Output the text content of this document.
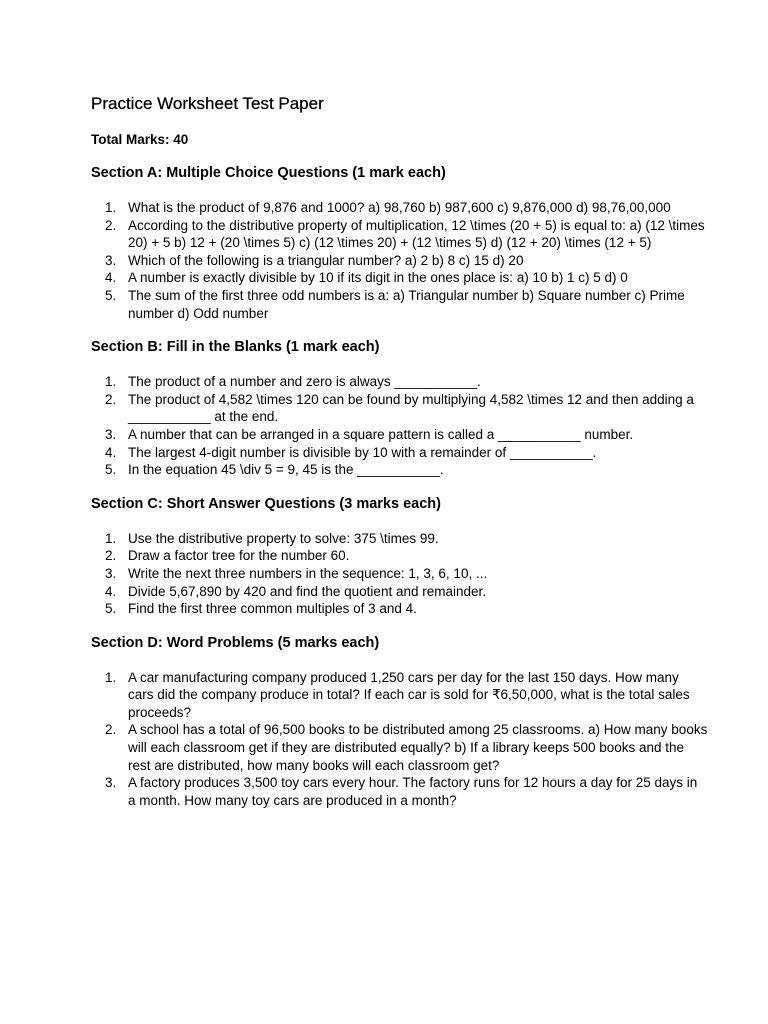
Practice Worksheet Test Paper
Total Marks: 40
Section A: Multiple Choice Questions (1 mark each)
1. What is the product of 9,876 and 1000? a) 98,760 b) 987,600 c) 9,876,000 d) 98,76,00,000
2. According to the distributive property of multiplication, 12 \times (20 + 5) is equal to: a) (12 \times 20) + 5 b) 12 + (20 \times 5) c) (12 \times 20) + (12 \times 5) d) (12 + 20) \times (12 + 5)
3. Which of the following is a triangular number? a) 2 b) 8 c) 15 d) 20
4. A number is exactly divisible by 10 if its digit in the ones place is: a) 10 b) 1 c) 5 d) 0
5. The sum of the first three odd numbers is a: a) Triangular number b) Square number c) Prime number d) Odd number
Section B: Fill in the Blanks (1 mark each)
1. The product of a number and zero is always ___________.
2. The product of 4,582 \times 120 can be found by multiplying 4,582 \times 12 and then adding a ___________ at the end.
3. A number that can be arranged in a square pattern is called a ___________ number.
4. The largest 4-digit number is divisible by 10 with a remainder of ___________.
5. In the equation 45 \div 5 = 9, 45 is the ___________.
Section C: Short Answer Questions (3 marks each)
1. Use the distributive property to solve: 375 \times 99.
2. Draw a factor tree for the number 60.
3. Write the next three numbers in the sequence: 1, 3, 6, 10, ...
4. Divide 5,67,890 by 420 and find the quotient and remainder.
5. Find the first three common multiples of 3 and 4.
Section D: Word Problems (5 marks each)
1. A car manufacturing company produced 1,250 cars per day for the last 150 days. How many cars did the company produce in total? If each car is sold for ₹6,50,000, what is the total sales proceeds?
2. A school has a total of 96,500 books to be distributed among 25 classrooms. a) How many books will each classroom get if they are distributed equally? b) If a library keeps 500 books and the rest are distributed, how many books will each classroom get?
3. A factory produces 3,500 toy cars every hour. The factory runs for 12 hours a day for 25 days in a month. How many toy cars are produced in a month?
